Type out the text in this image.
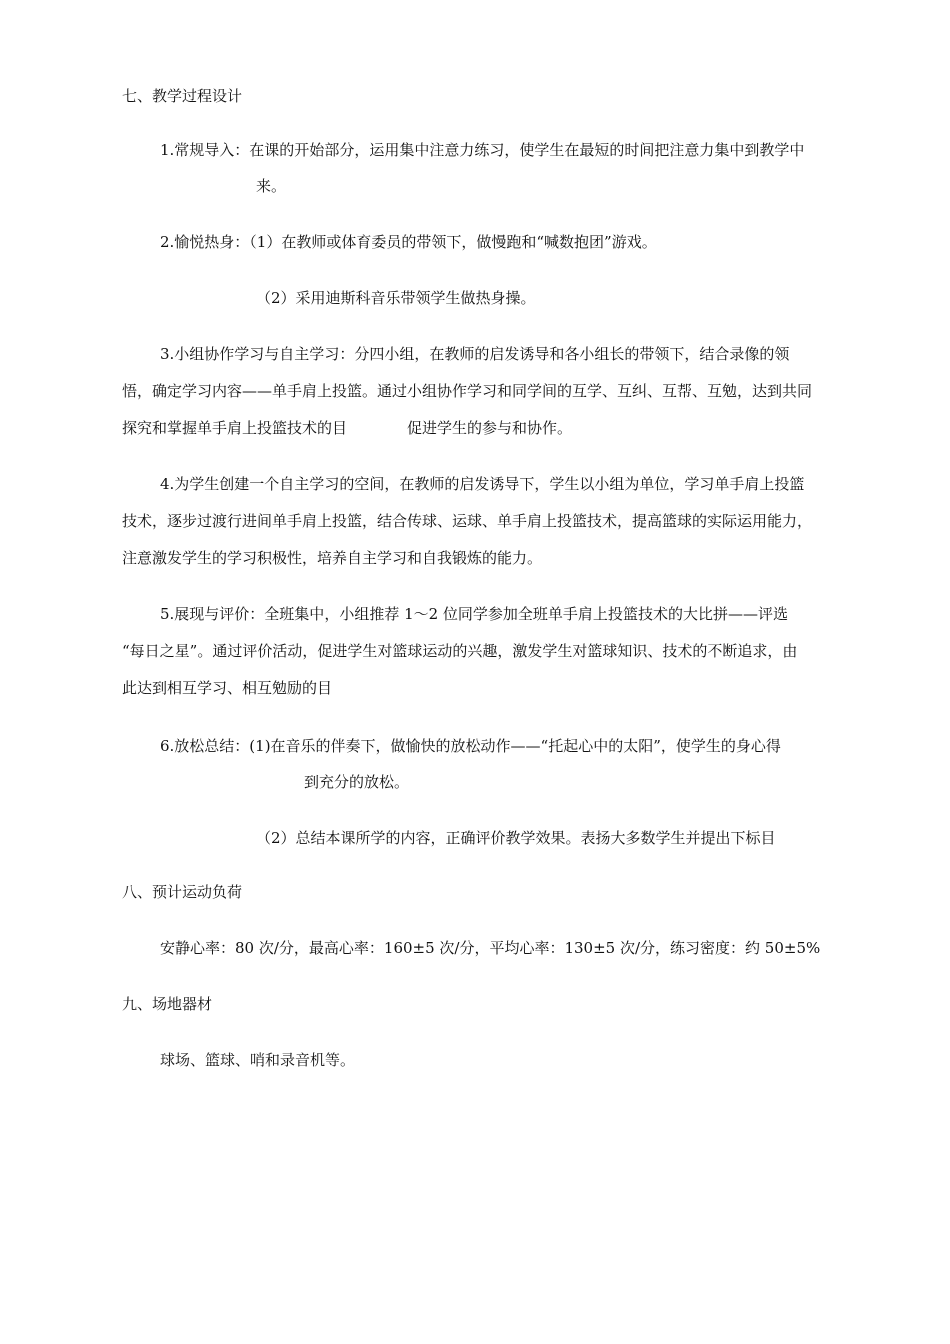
七、教学过程设计
1.常规导入：在课的开始部分，运用集中注意力练习，使学生在最短的时间把注意力集中到教学中
来。
2.愉悦热身：（1）在教师或体育委员的带领下，做慢跑和“喊数抱团”游戏。
（2）采用迪斯科音乐带领学生做热身操。
3.小组协作学习与自主学习：分四小组，在教师的启发诱导和各小组长的带领下，结合录像的领
悟，确定学习内容——单手肩上投篮。通过小组协作学习和同学间的互学、互纠、互帮、互勉，达到共同
探究和掌握单手肩上投篮技术的目	促进学生的参与和协作。
4.为学生创建一个自主学习的空间，在教师的启发诱导下，学生以小组为单位，学习单手肩上投篮
技术，逐步过渡行进间单手肩上投篮，结合传球、运球、单手肩上投篮技术，提高篮球的实际运用能力，
注意激发学生的学习积极性，培养自主学习和自我锻炼的能力。
5.展现与评价：全班集中，小组推荐 1～2 位同学参加全班单手肩上投篮技术的大比拼——评选
“每日之星”。通过评价活动，促进学生对篮球运动的兴趣，激发学生对篮球知识、技术的不断追求，由
此达到相互学习、相互勉励的目
6.放松总结：(1)在音乐的伴奏下，做愉快的放松动作——“托起心中的太阳”，使学生的身心得
到充分的放松。
（2）总结本课所学的内容，正确评价教学效果。表扬大多数学生并提出下标目
八、预计运动负荷
安静心率：80 次/分，最高心率：160±5 次/分，平均心率：130±5 次/分，练习密度：约 50±5%
九、场地器材
球场、篮球、哨和录音机等。
